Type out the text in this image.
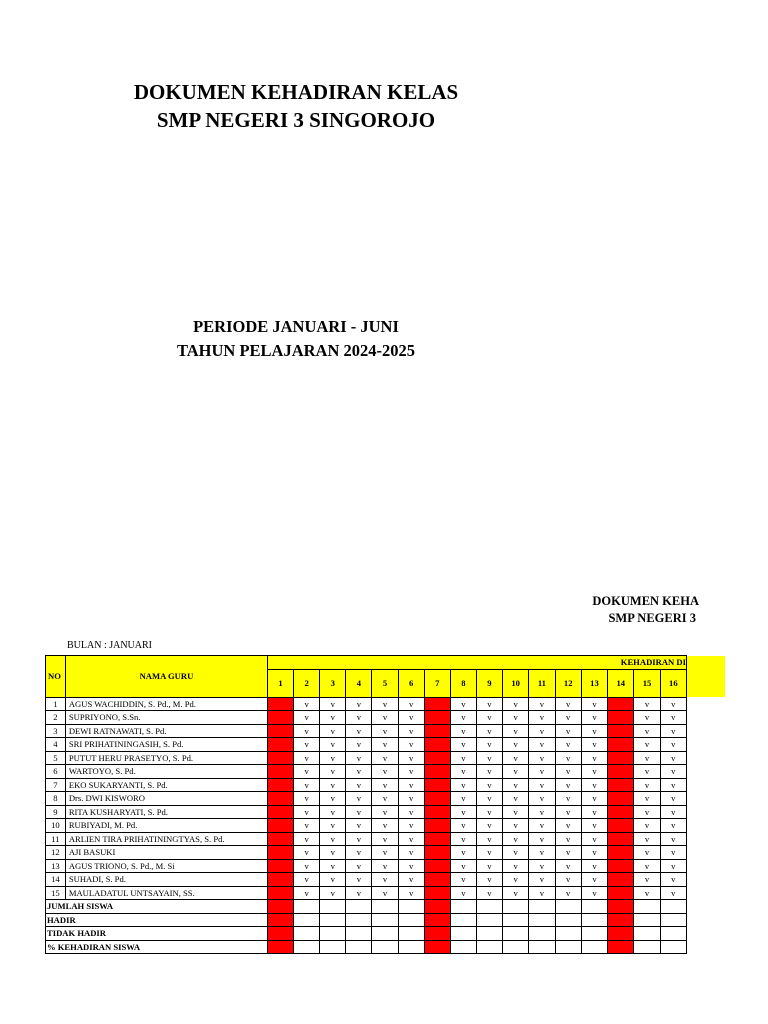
DOKUMEN KEHADIRAN KELAS
SMP NEGERI 3 SINGOROJO
PERIODE JANUARI - JUNI
TAHUN PELAJARAN 2024-2025
DOKUMEN KEHA
SMP NEGERI 3
BULAN : JANUARI
NO	NAMA GURU	KEHADIRAN DI																
		1	2	3	4	5	6	7	8	9	10	11	12	13	14	15	16	
1	AGUS WACHIDDIN, S. Pd., M. Pd.		v	v	v	v	v		v	v	v	v	v	v		v	v	
2	SUPRIYONO, S.Sn.		v	v	v	v	v		v	v	v	v	v	v		v	v	
3	DEWI RATNAWATI, S. Pd.		v	v	v	v	v		v	v	v	v	v	v		v	v	
4	SRI PRIHATININGASIH, S. Pd.		v	v	v	v	v		v	v	v	v	v	v		v	v	
5	PUTUT HERU PRASETYO, S. Pd.		v	v	v	v	v		v	v	v	v	v	v		v	v	
6	WARTOYO, S. Pd.		v	v	v	v	v		v	v	v	v	v	v		v	v	
7	EKO SUKARYANTI, S. Pd.		v	v	v	v	v		v	v	v	v	v	v		v	v	
8	Drs. DWI KISWORO		v	v	v	v	v		v	v	v	v	v	v		v	v	
9	RITA KUSHARYATI, S. Pd.		v	v	v	v	v		v	v	v	v	v	v		v	v	
10	RUBIYADI, M. Pd.		v	v	v	v	v		v	v	v	v	v	v		v	v	
11	ARLIEN TIRA PRIHATININGTYAS, S. Pd.		v	v	v	v	v		v	v	v	v	v	v		v	v	
12	AJI BASUKI		v	v	v	v	v		v	v	v	v	v	v		v	v	
13	AGUS TRIONO, S. Pd., M. Si		v	v	v	v	v		v	v	v	v	v	v		v	v	
14	SUHADI, S. Pd.		v	v	v	v	v		v	v	v	v	v	v		v	v	
15	MAULADATUL UNTSAYAIN, SS.		v	v	v	v	v		v	v	v	v	v	v		v	v	
JUMLAH SISWA																		
HADIR																		
TIDAK HADIR																		
% KEHADIRAN SISWA																		
